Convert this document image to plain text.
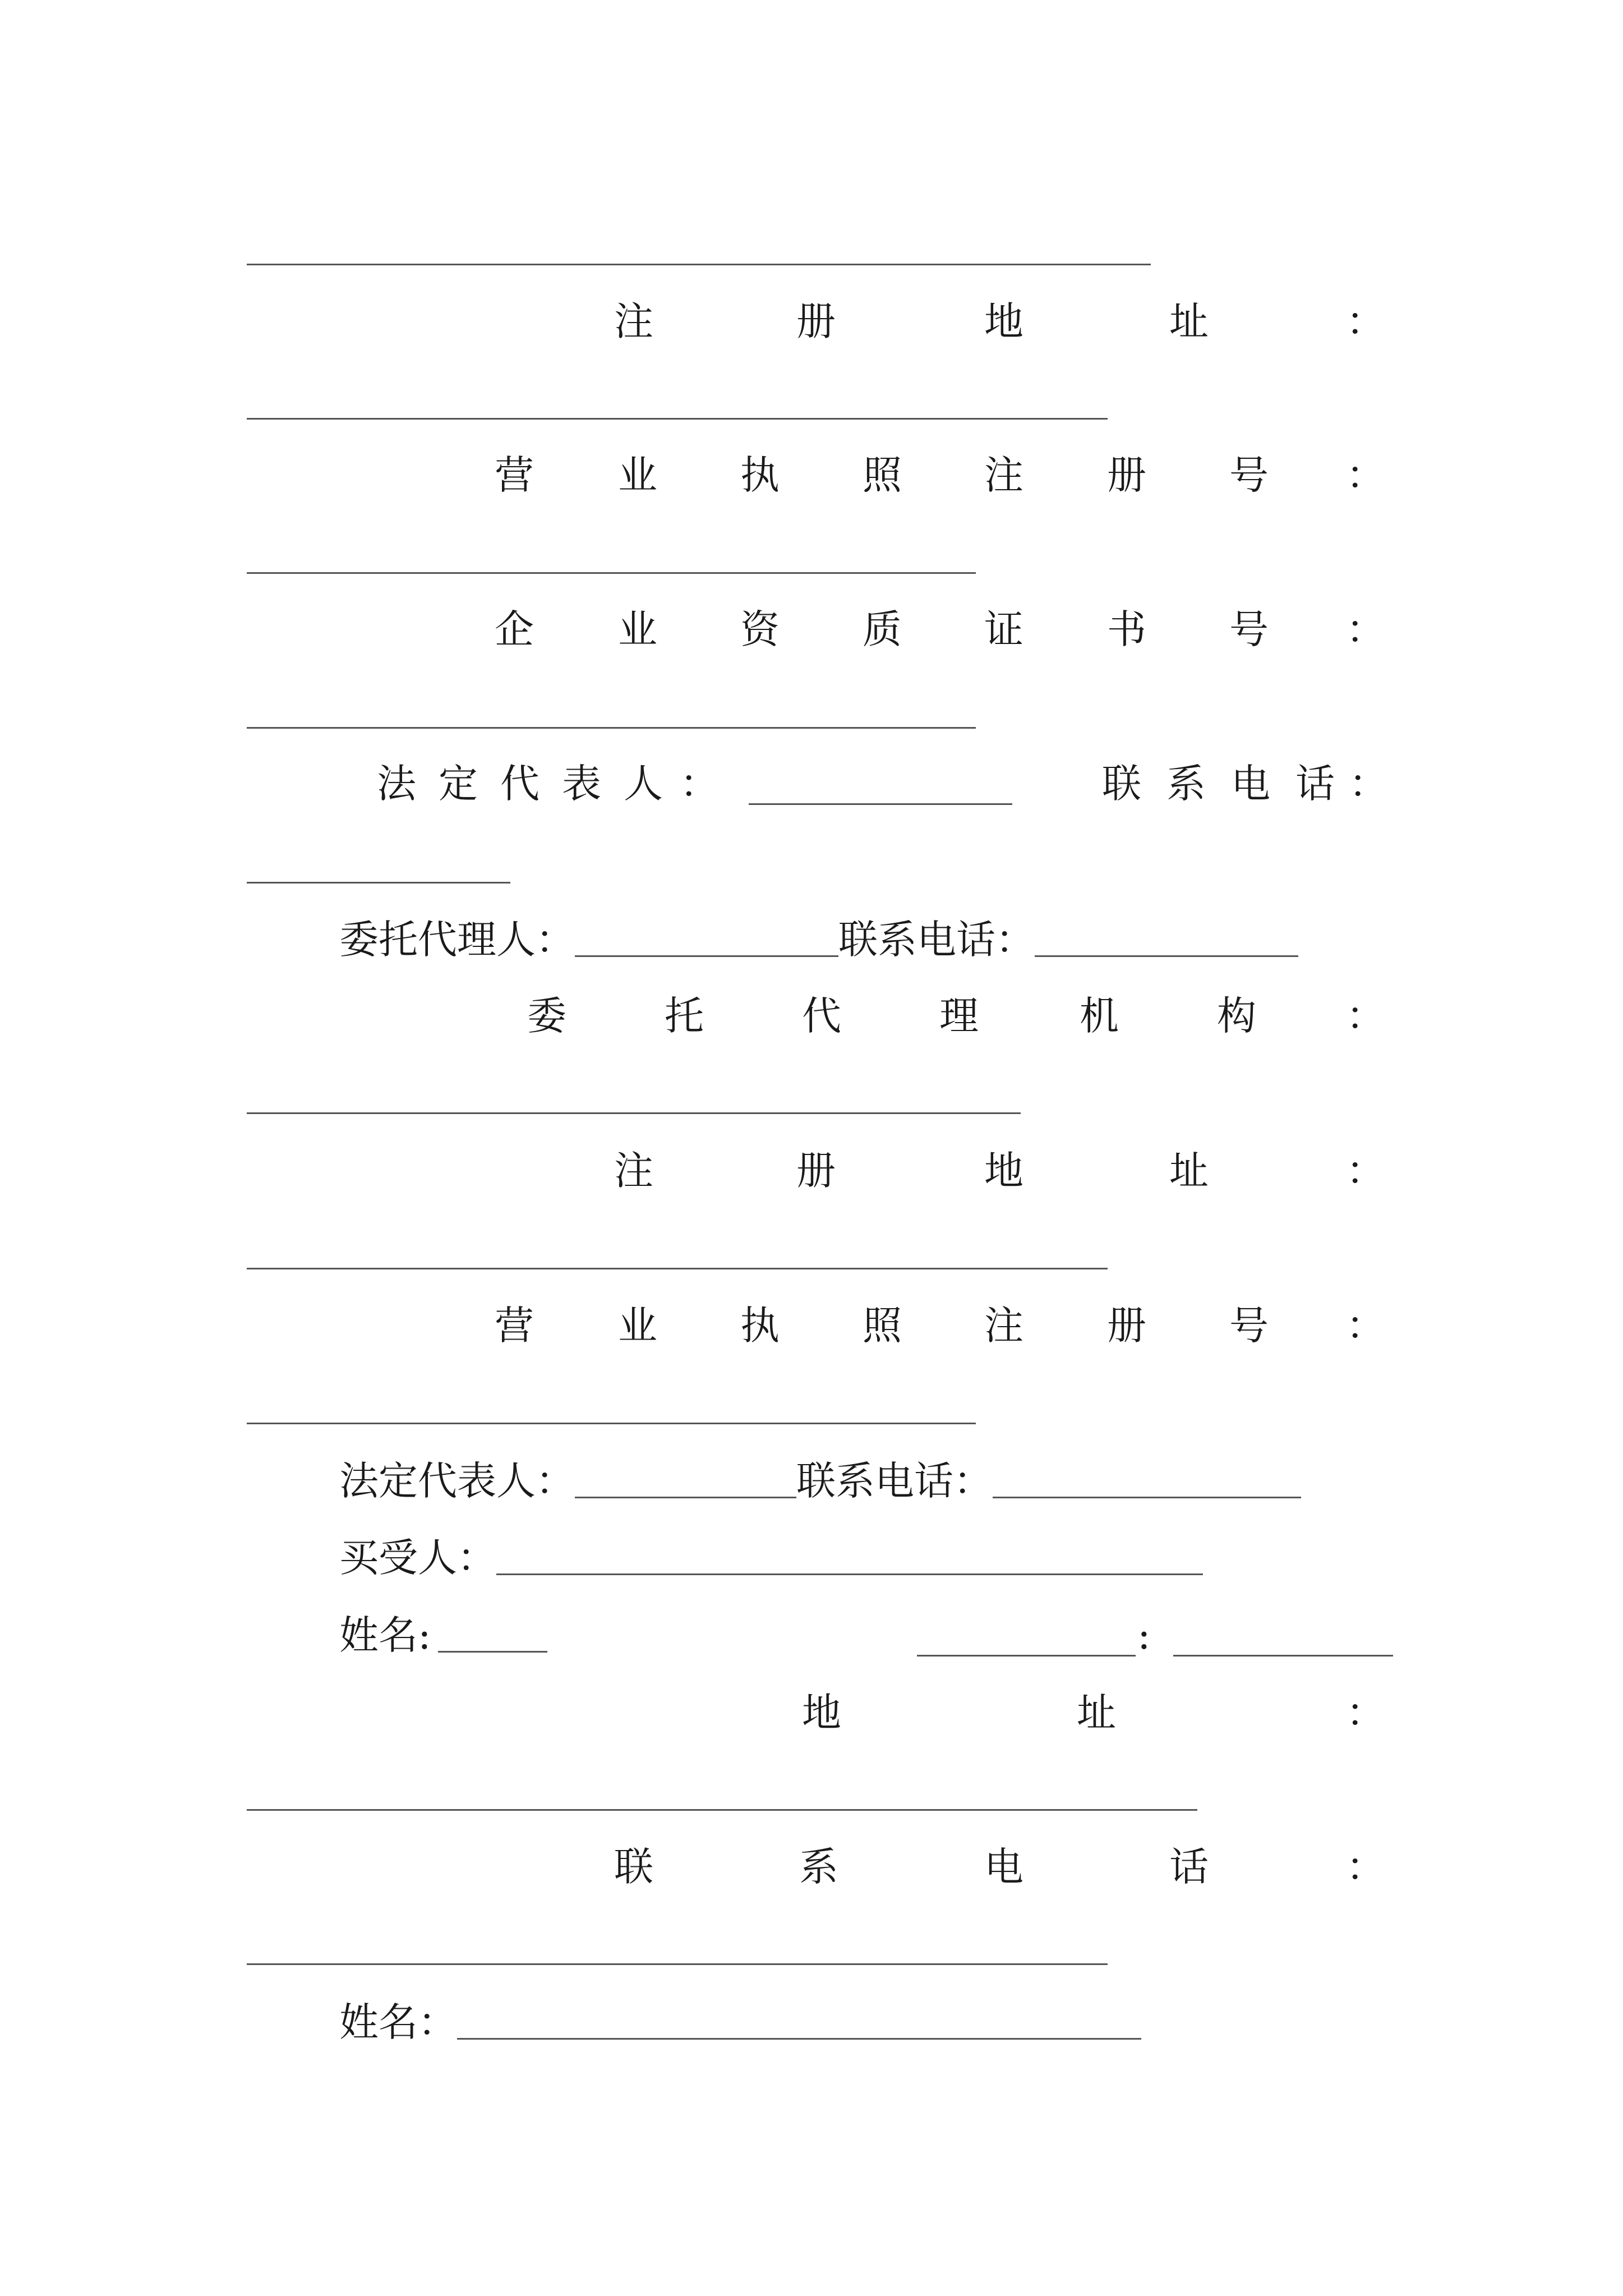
注	册	地	址	：
营 业 执 照 注 册 号 ：
企 业 资 质 证 书 号 ：
法 定 代 表 人 ：	联 系 电 话 ：
委托代理人：	联系电话：
委	托	代	理	机	构 ：
注	册	地	址	：
营 业 执 照 注 册 号 ：
法定代表人：	联系电话：
买受人：
姓名:	:
地	址	：
联	系	电	话	：
姓名：
